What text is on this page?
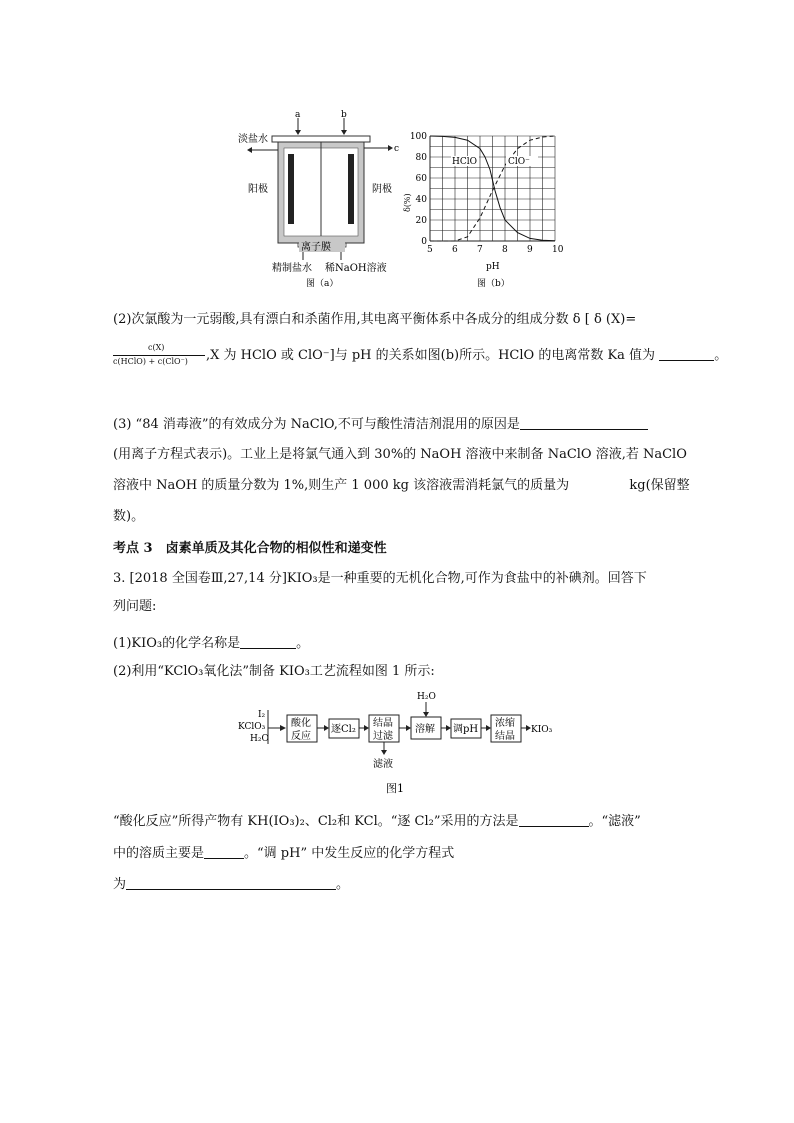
a	b
c
淡盐水
阳极	阴极
离子膜
精制盐水 稀NaOH溶液
图（a）
5 6 7 8 9 10
0
20
40
60
80
100
δ(%)
pH
HClO	ClO⁻
图（b）
(2)次氯酸为一元弱酸,具有漂白和杀菌作用,其电离平衡体系中各成分的组成分数 δ [ δ (X)=
c(X)
c(HClO) + c(ClO⁻) ,X 为 HClO 或 ClO⁻]与 pH 的关系如图(b)所示。HClO 的电离常数 Ka 值为	。
(3) “84 消毒液”的有效成分为 NaClO,不可与酸性清洁剂混用的原因是
(用离子方程式表示)。工业上是将氯气通入到 30%的 NaOH 溶液中来制备 NaClO 溶液,若 NaClO
溶液中 NaOH 的质量分数为 1%,则生产 1 000 kg 该溶液需消耗氯气的质量为	kg(保留整
数)。
考点 3　卤素单质及其化合物的相似性和递变性
3. [2018 全国卷Ⅲ,27,14 分]KIO₃是一种重要的无机化合物,可作为食盐中的补碘剂。回答下
列问题:
(1)KIO₃的化学名称是	。
(2)利用“KClO₃氧化法”制备 KIO₃工艺流程如图 1 所示:
I₂
KClO₃
H₂O
酸化
反应
逐Cl₂
结晶
过滤
滤液
H₂O
溶解 调pH
浓缩
结晶
KIO₃
图1
“酸化反应”所得产物有 KH(IO₃)₂、Cl₂和 KCl。“逐 Cl₂”采用的方法是	。“滤液”
中的溶质主要是	。“调 pH” 中发生反应的化学方程式
为	。
